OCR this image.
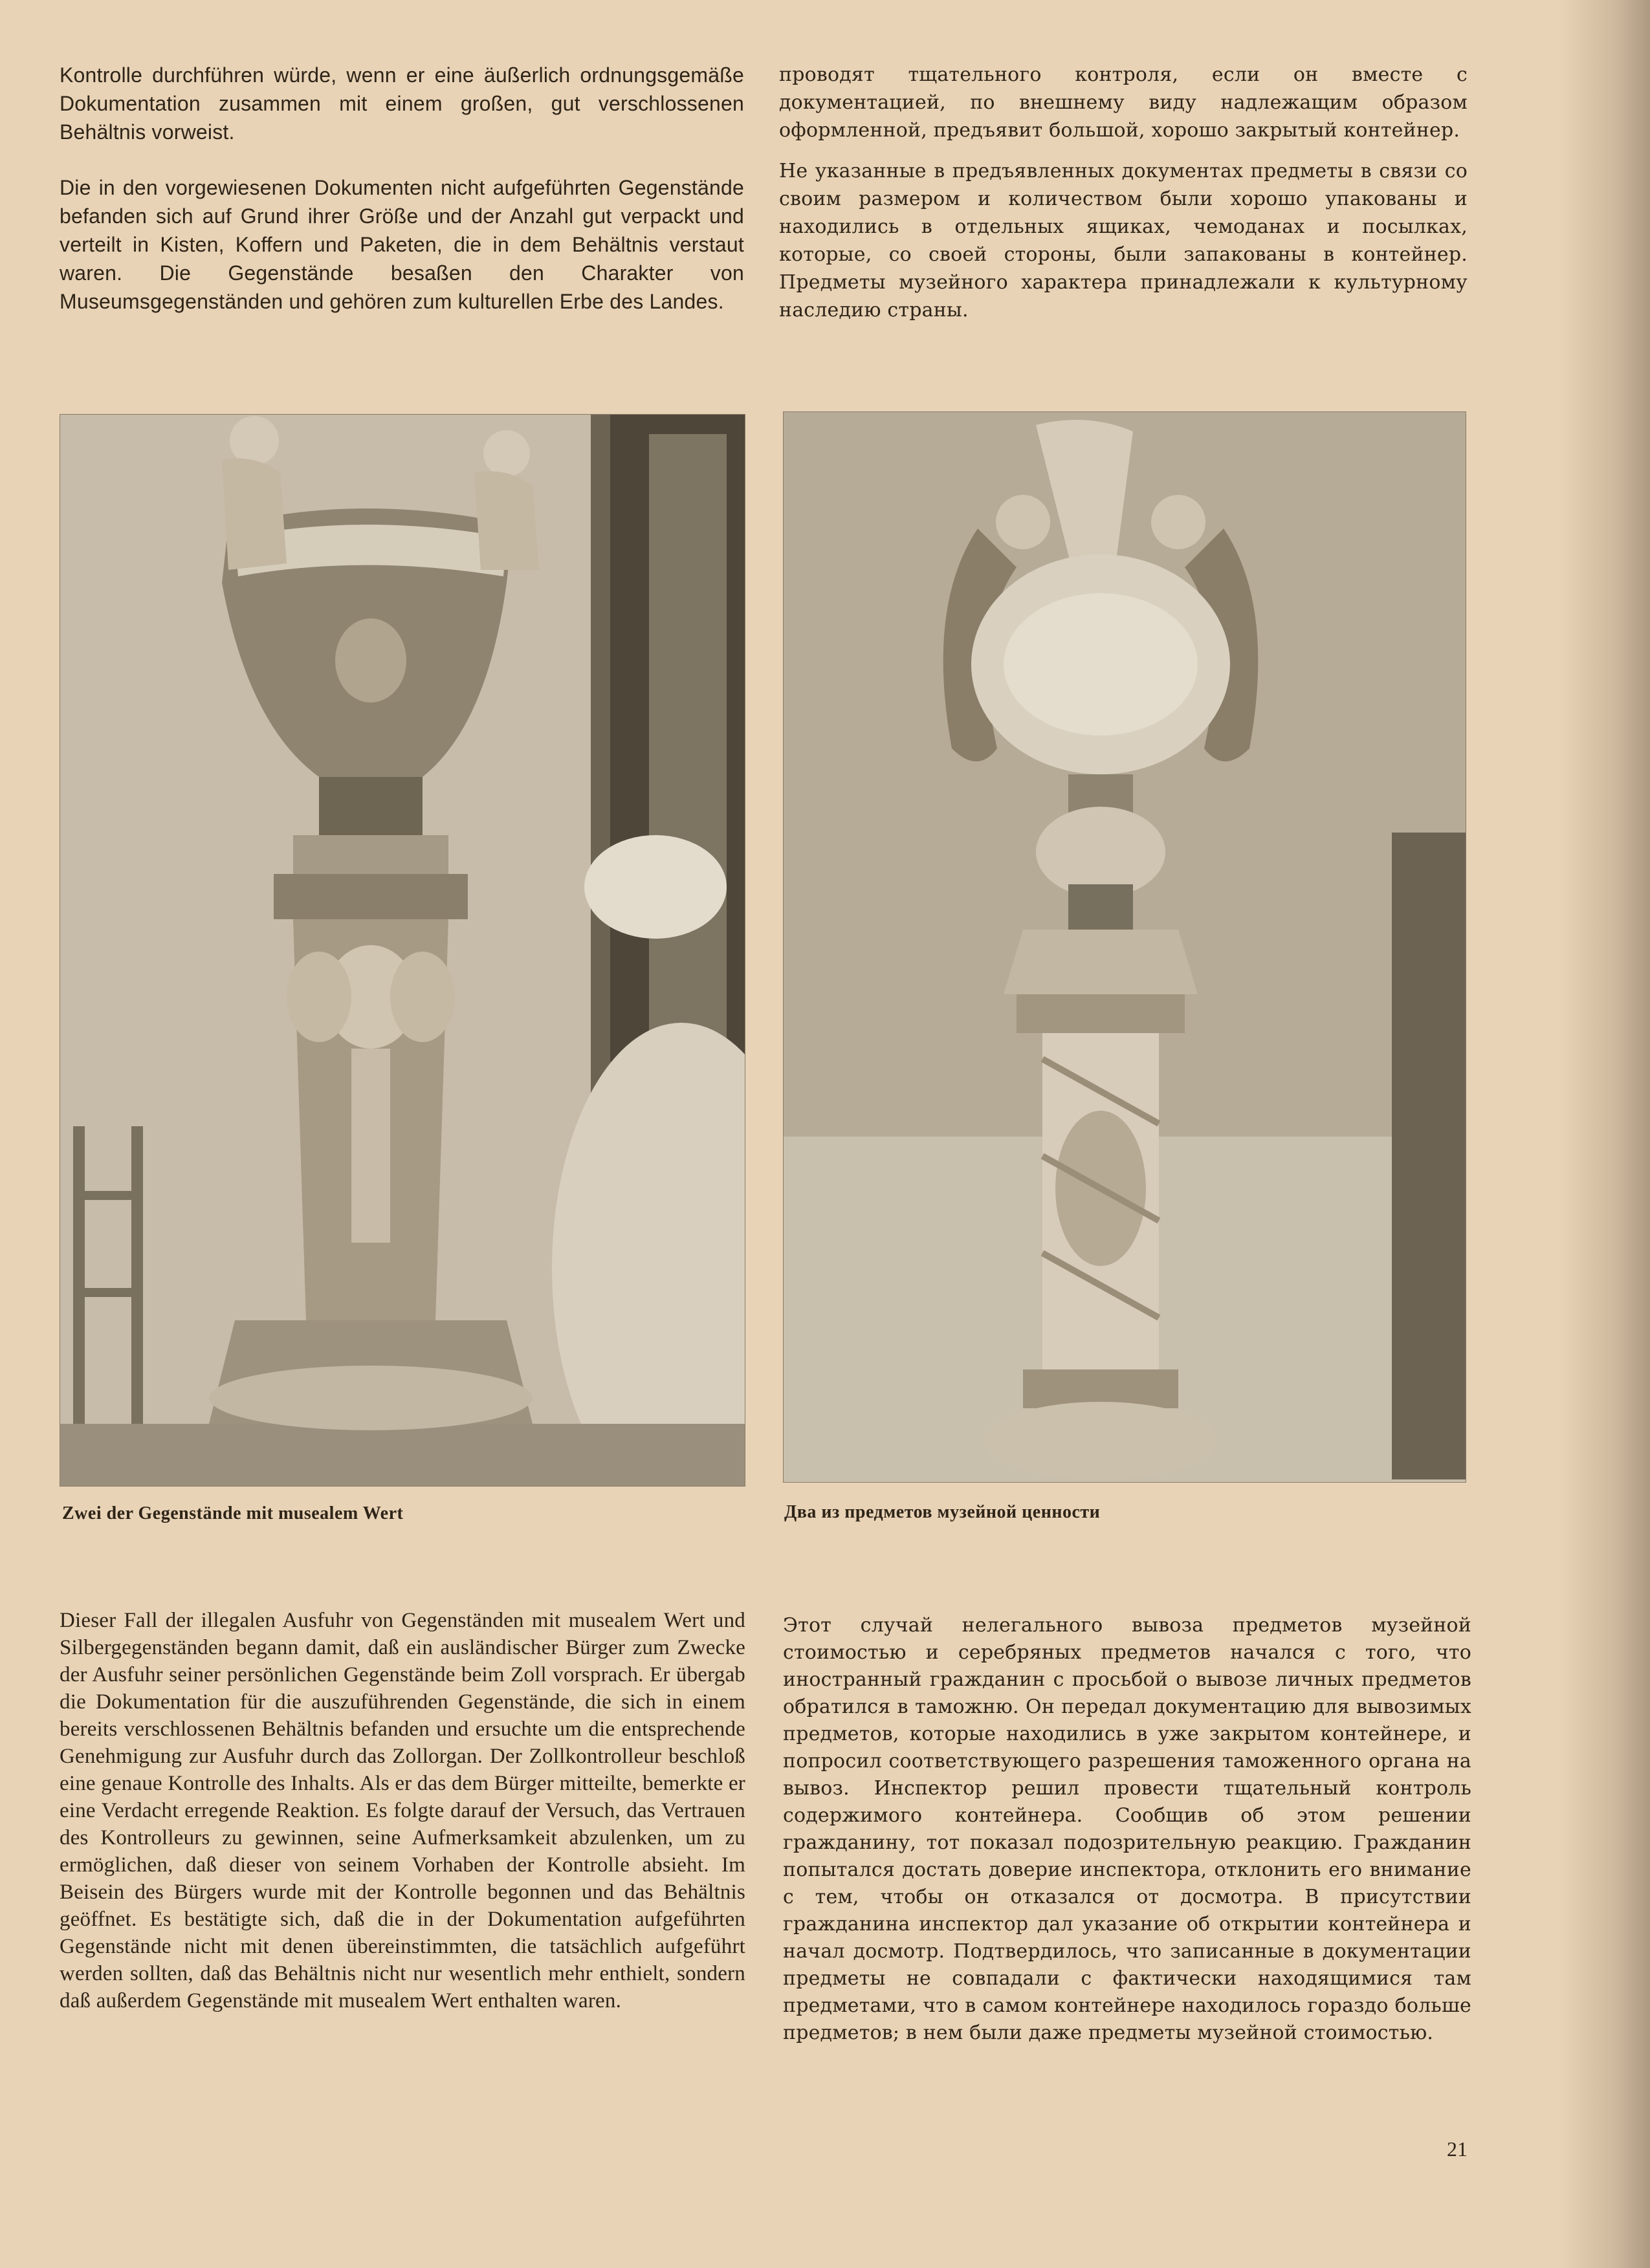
Kontrolle durchführen würde, wenn er eine äußerlich ordnungsgemäße Dokumentation zusammen mit einem großen, gut verschlossenen Behältnis vorweist.

Die in den vorgewiesenen Dokumenten nicht aufgeführten Gegenstände befanden sich auf Grund ihrer Größe und der Anzahl gut verpackt und verteilt in Kisten, Koffern und Paketen, die in dem Behältnis verstaut waren. Die Gegenstände besaßen den Charakter von Museumsgegenständen und gehören zum kulturellen Erbe des Landes.

проводят тщательного контроля, если он вместе с документацией, по внешнему виду надлежащим образом оформленной, предъявит большой, хорошо закрытый контейнер.

Не указанные в предъявленных документах предметы в связи со своим размером и количеством были хорошо упакованы и находились в отдельных ящиках, чемоданах и посылках, которые, со своей стороны, были запакованы в контейнер. Предметы музейного характера принадлежали к культурному наследию страны.

Zwei der Gegenstände mit musealem Wert	Два из предметов музейной ценности

Dieser Fall der illegalen Ausfuhr von Gegenständen mit musealem Wert und Silbergegenständen begann damit, daß ein ausländischer Bürger zum Zwecke der Ausfuhr seiner persönlichen Gegenstände beim Zoll vorsprach. Er übergab die Dokumentation für die auszuführenden Gegenstände, die sich in einem bereits verschlossenen Behältnis befanden und ersuchte um die entsprechende Genehmigung zur Ausfuhr durch das Zollorgan. Der Zollkontrolleur beschloß eine genaue Kontrolle des Inhalts. Als er das dem Bürger mitteilte, bemerkte er eine Verdacht erregende Reaktion. Es folgte darauf der Versuch, das Vertrauen des Kontrolleurs zu gewinnen, seine Aufmerksamkeit abzulenken, um zu ermöglichen, daß dieser von seinem Vorhaben der Kontrolle absieht. Im Beisein des Bürgers wurde mit der Kontrolle begonnen und das Behältnis geöffnet. Es bestätigte sich, daß die in der Dokumentation aufgeführten Gegenstände nicht mit denen übereinstimmten, die tatsächlich aufgeführt werden sollten, daß das Behältnis nicht nur wesentlich mehr enthielt, sondern daß außerdem Gegenstände mit musealem Wert enthalten waren.

Этот случай нелегального вывоза предметов музейной стоимостью и серебряных предметов начался с того, что иностранный гражданин с просьбой о вывозе личных предметов обратился в таможню. Он передал документацию для вывозимых предметов, которые находились в уже закрытом контейнере, и попросил соответствующего разрешения таможенного органа на вывоз. Инспектор решил провести тщательный контроль содержимого контейнера. Сообщив об этом решении гражданину, тот показал подозрительную реакцию. Гражданин попытался достать доверие инспектора, отклонить его внимание с тем, чтобы он отказался от досмотра. В присутствии гражданина инспектор дал указание об открытии контейнера и начал досмотр. Подтвердилось, что записанные в документации предметы не совпадали с фактически находящимися там предметами, что в самом контейнере находилось гораздо больше предметов; в нем были даже предметы музейной стоимостью.

21
